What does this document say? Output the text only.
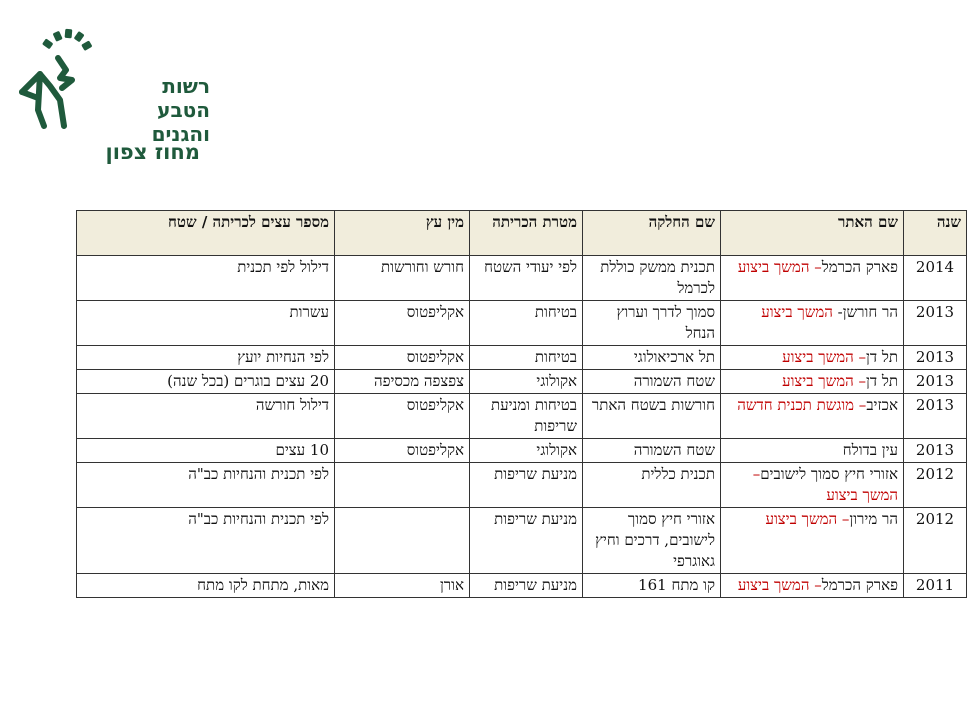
רשות
הטבע
והגנים
מחוז צפון
שנה	שם האתר	שם החלקה	מטרת הכריתה	מין עץ	מספר עצים לכריתה / שטח
2014	פארק הכרמל– המשך ביצוע	תכנית ממשק כוללת לכרמל	לפי יעודי השטח	חורש וחורשות	דילול לפי תכנית
2013	הר חורשן- המשך ביצוע	סמוך לדרך וערוץ הנחל	בטיחות	אקליפטוס	עשרות
2013	תל דן– המשך ביצוע	תל ארכיאולוגי	בטיחות	אקליפטוס	לפי הנחיות יועץ
2013	תל דן– המשך ביצוע	שטח השמורה	אקולוגי	צפצפה מכסיפה	20 עצים בוגרים (בכל שנה)
2013	אכזיב– מוגשת תכנית חדשה	חורשות בשטח האתר	בטיחות ומניעת שריפות	אקליפטוס	דילול חורשה
2013	עין בדולח	שטח השמורה	אקולוגי	אקליפטוס	10 עצים
2012	אזורי חיץ סמוך לישובים– המשך ביצוע	תכנית כללית	מניעת שריפות		לפי תכנית והנחיות כב"ה
2012	הר מירון– המשך ביצוע	אזורי חיץ סמוך לישובים, דרכים וחיץ גאוגרפי	מניעת שריפות		לפי תכנית והנחיות כב"ה
2011	פארק הכרמל– המשך ביצוע	קו מתח 161	מניעת שריפות	אורן	מאות, מתחת לקו מתח
